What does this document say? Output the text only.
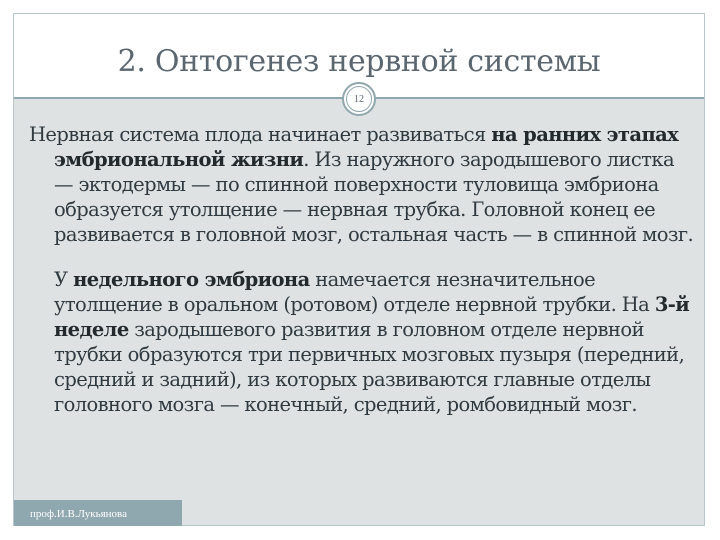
2. Онтогенез нервной системы
12
Нервная система плода начинает развиваться на ранних этапах эмбриональной жизни. Из наружного зародышевого листка — эктодермы — по спинной поверхности туловища эмбриона образуется утолщение — нервная трубка. Головной конец ее развивается в головной мозг, остальная часть — в спинной мозг.
У недельного эмбриона намечается незначительное утолщение в оральном (ротовом) отделе нервной трубки. На 3-й неделе зародышевого развития в головном отделе нервной трубки образуются три первичных мозговых пузыря (передний, средний и задний), из которых развиваются главные отделы головного мозга — конечный, средний, ромбовидный мозг.
проф.И.В.Лукьянова
